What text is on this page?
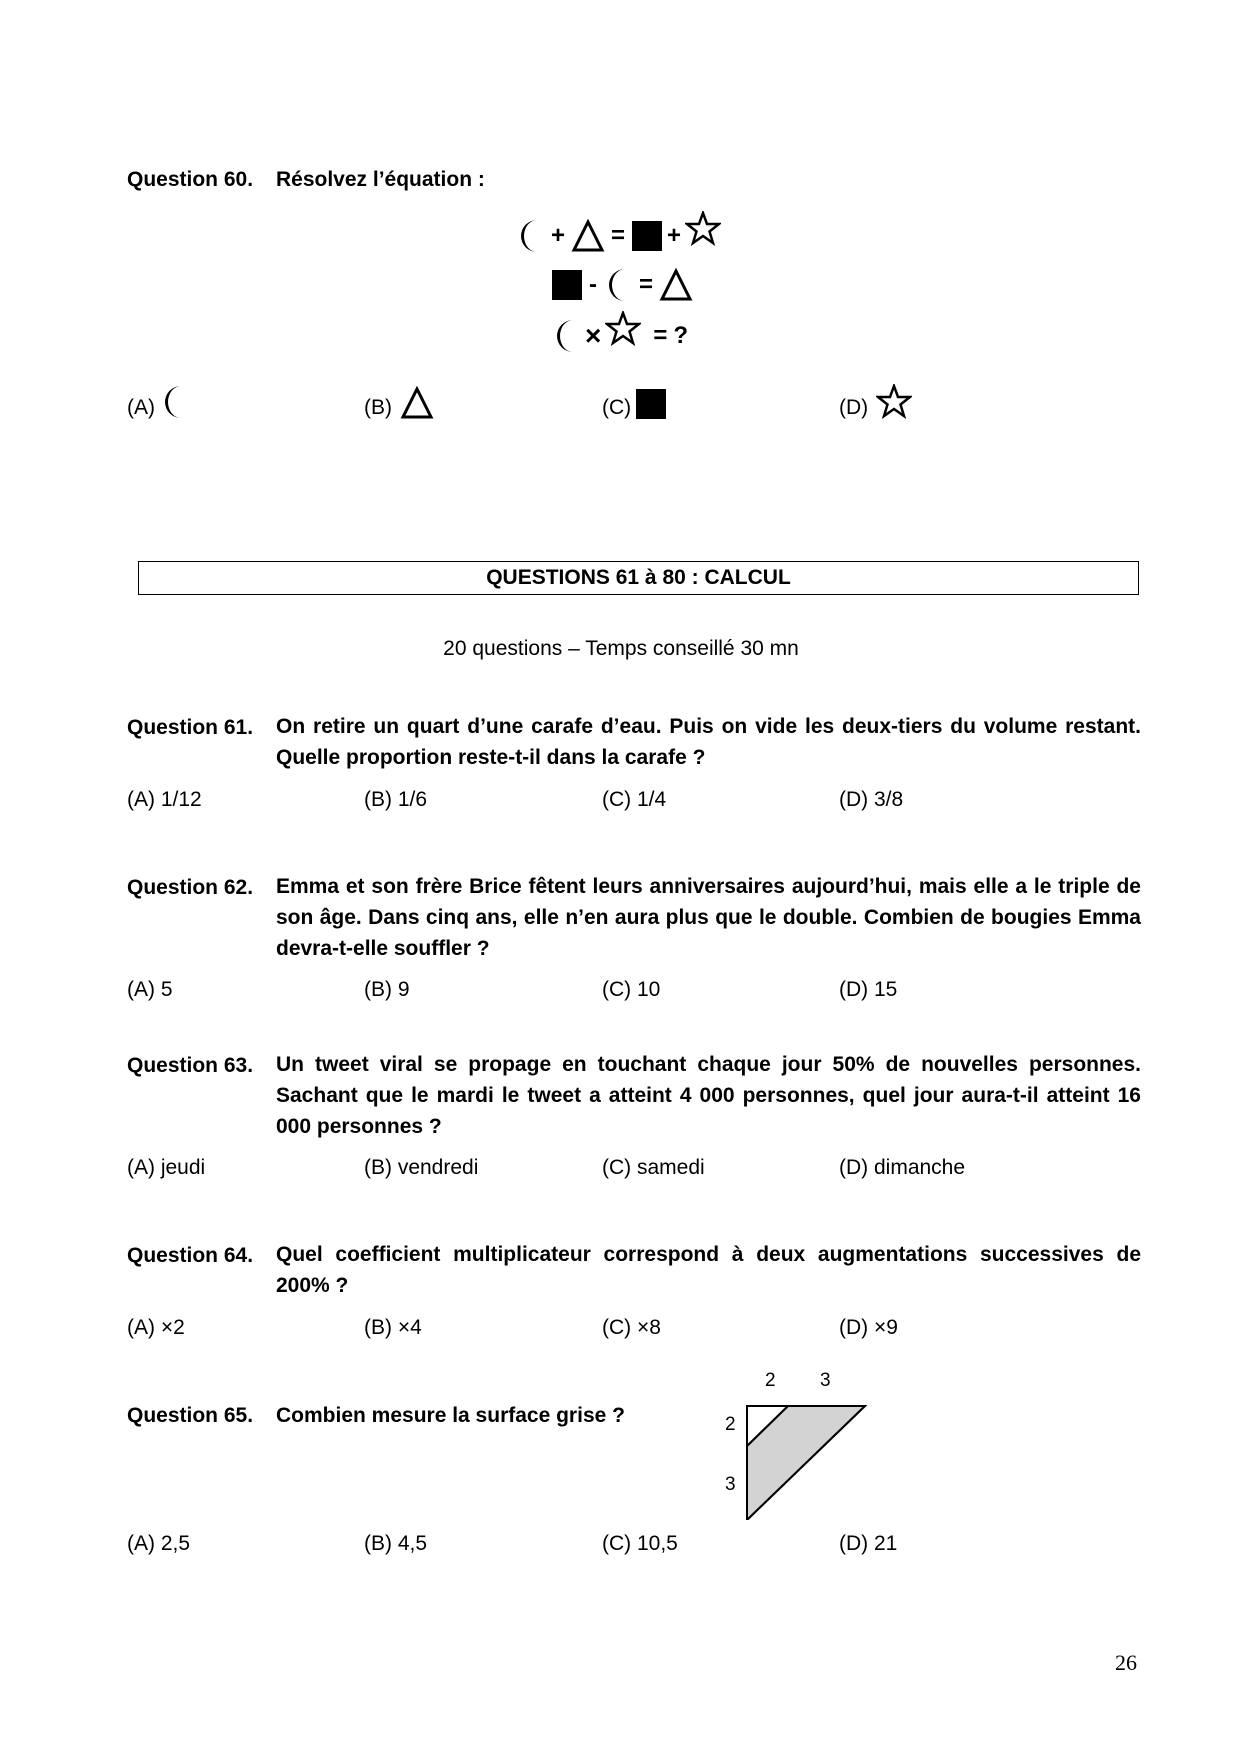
Question 60. Résolvez l’équation :
+ = +
- =
× = ?
(A)	(B)	(C)	(D)
QUESTIONS 61 à 80 : CALCUL
20 questions – Temps conseillé 30 mn
Question 61. On retire un quart d’une carafe d’eau. Puis on vide les deux-tiers du volume restant. Quelle proportion reste-t-il dans la carafe ?
(A) 1/12	(B) 1/6	(C) 1/4	(D) 3/8
Question 62. Emma et son frère Brice fêtent leurs anniversaires aujourd’hui, mais elle a le triple de son âge. Dans cinq ans, elle n’en aura plus que le double. Combien de bougies Emma devra-t-elle souffler ?
(A) 5	(B) 9	(C) 10	(D) 15
Question 63. Un tweet viral se propage en touchant chaque jour 50% de nouvelles personnes. Sachant que le mardi le tweet a atteint 4 000 personnes, quel jour aura-t-il atteint 16 000 personnes ?
(A) jeudi	(B) vendredi	(C) samedi	(D) dimanche
Question 64. Quel coefficient multiplicateur correspond à deux augmentations successives de 200% ?
(A) ×2	(B) ×4	(C) ×8	(D) ×9
Question 65. Combien mesure la surface grise ?
2 3
2
3
(A) 2,5	(B) 4,5	(C) 10,5	(D) 21
26
